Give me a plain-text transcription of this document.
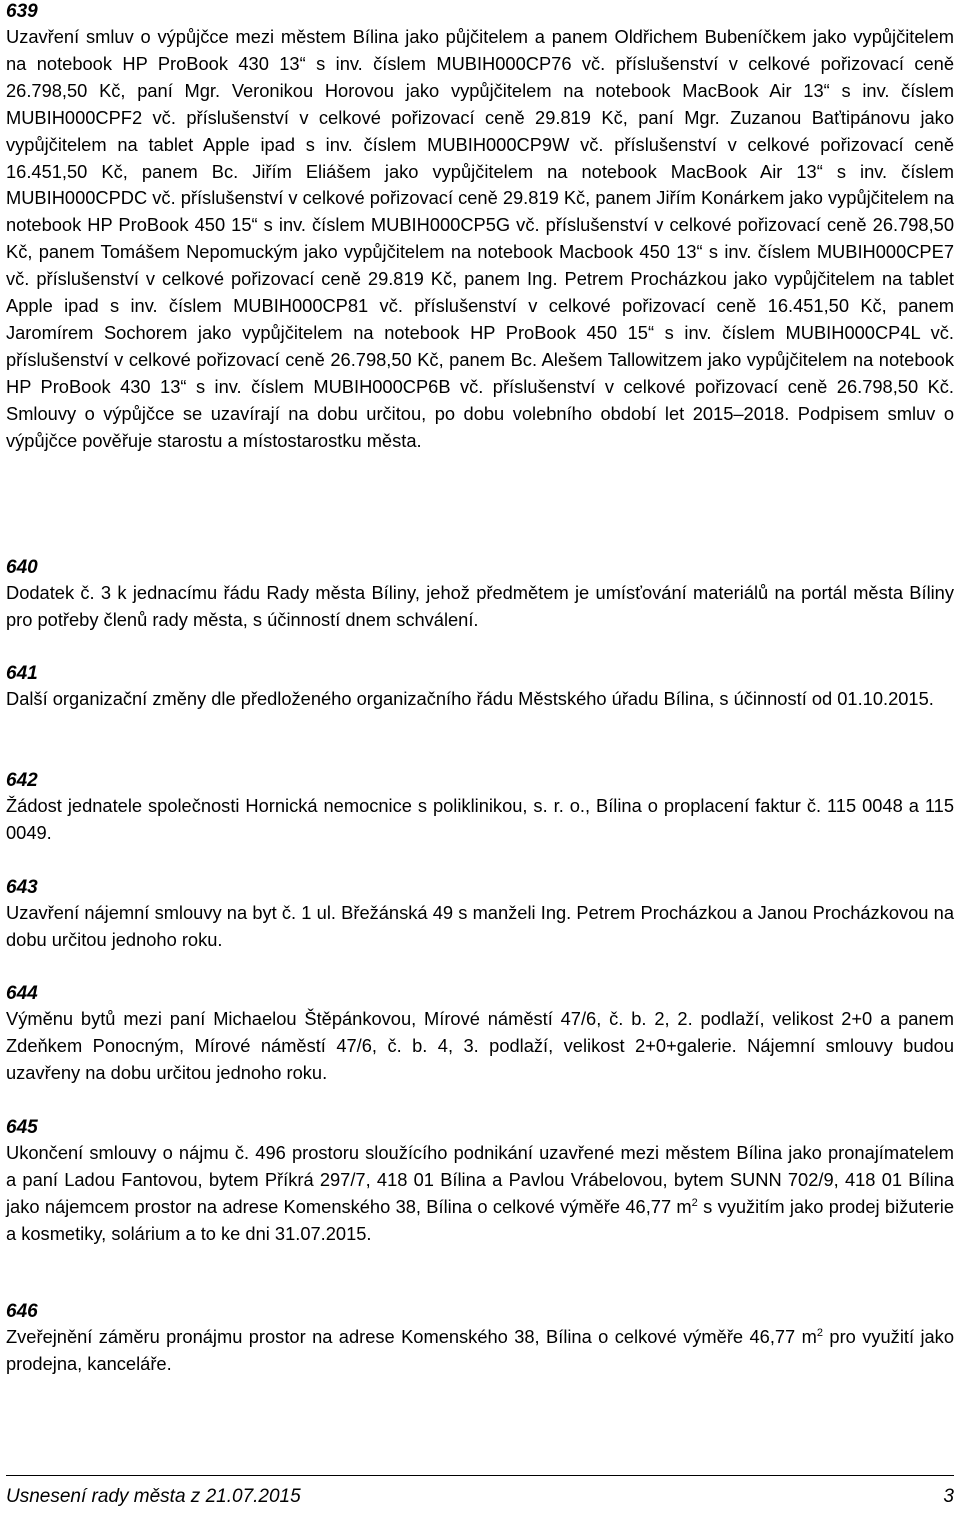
639

Uzavření smluv o výpůjčce mezi městem Bílina jako půjčitelem a panem Oldřichem Bubeníčkem jako vypůjčitelem na notebook HP ProBook 430 13“ s inv. číslem MUBIH000CP76 vč. příslušenství v celkové pořizovací ceně 26.798,50 Kč, paní Mgr. Veronikou Horovou jako vypůjčitelem na notebook MacBook Air 13“ s inv. číslem MUBIH000CPF2 vč. příslušenství v celkové pořizovací ceně 29.819 Kč, paní Mgr. Zuzanou Baťtipánovu jako vypůjčitelem na tablet Apple ipad s inv. číslem MUBIH000CP9W vč. příslušenství v celkové pořizovací ceně 16.451,50 Kč, panem Bc. Jiřím Eliášem jako vypůjčitelem na notebook MacBook Air 13“ s inv. číslem MUBIH000CPDC vč. příslušenství v celkové pořizovací ceně 29.819 Kč, panem Jiřím Konárkem jako vypůjčitelem na notebook HP ProBook 450 15“ s inv. číslem MUBIH000CP5G vč. příslušenství v celkové pořizovací ceně 26.798,50 Kč, panem Tomášem Nepomuckým jako vypůjčitelem na notebook Macbook 450 13“ s inv. číslem MUBIH000CPE7 vč. příslušenství v celkové pořizovací ceně 29.819 Kč, panem Ing. Petrem Procházkou jako vypůjčitelem na tablet Apple ipad s inv. číslem MUBIH000CP81 vč. příslušenství v celkové pořizovací ceně 16.451,50 Kč, panem Jaromírem Sochorem jako vypůjčitelem na notebook HP ProBook 450 15“ s inv. číslem MUBIH000CP4L vč. příslušenství v celkové pořizovací ceně 26.798,50 Kč, panem Bc. Alešem Tallowitzem jako vypůjčitelem na notebook HP ProBook 430 13“ s inv. číslem MUBIH000CP6B vč. příslušenství v celkové pořizovací ceně 26.798,50 Kč. Smlouvy o výpůjčce se uzavírají na dobu určitou, po dobu volebního období let 2015–2018. Podpisem smluv o výpůjčce pověřuje starostu a místostarostku města.

640

Dodatek č. 3 k jednacímu řádu Rady města Bíliny, jehož předmětem je umísťování materiálů na portál města Bíliny pro potřeby členů rady města, s účinností dnem schválení.

641

Další organizační změny dle předloženého organizačního řádu Městského úřadu Bílina, s účinností od 01.10.2015.

642

Žádost jednatele společnosti Hornická nemocnice s poliklinikou, s. r. o., Bílina o proplacení faktur č. 115 0048 a 115 0049.

643

Uzavření nájemní smlouvy na byt č. 1 ul. Břežánská 49 s manželi Ing. Petrem Procházkou a Janou Procházkovou na dobu určitou jednoho roku.

644

Výměnu bytů mezi paní Michaelou Štěpánkovou, Mírové náměstí 47/6, č. b. 2, 2. podlaží, velikost 2+0 a panem Zdeňkem Ponocným, Mírové náměstí 47/6, č. b. 4, 3. podlaží, velikost 2+0+galerie. Nájemní smlouvy budou uzavřeny na dobu určitou jednoho roku.

645

Ukončení smlouvy o nájmu č. 496 prostoru sloužícího podnikání uzavřené mezi městem Bílina jako pronajímatelem a paní Ladou Fantovou, bytem Příkrá 297/7, 418 01 Bílina a Pavlou Vrábelovou, bytem SUNN 702/9, 418 01 Bílina jako nájemcem prostor na adrese Komenského 38, Bílina o celkové výměře 46,77 $m^2$ s využitím jako prodej bižuterie a kosmetiky, solárium a to ke dni 31.07.2015.

646

Zveřejnění záměru pronájmu prostor na adrese Komenského 38, Bílina o celkové výměře 46,77 $m^2$ pro využití jako prodejna, kanceláře.

Usnesení rady města z 21.07.2015	3
